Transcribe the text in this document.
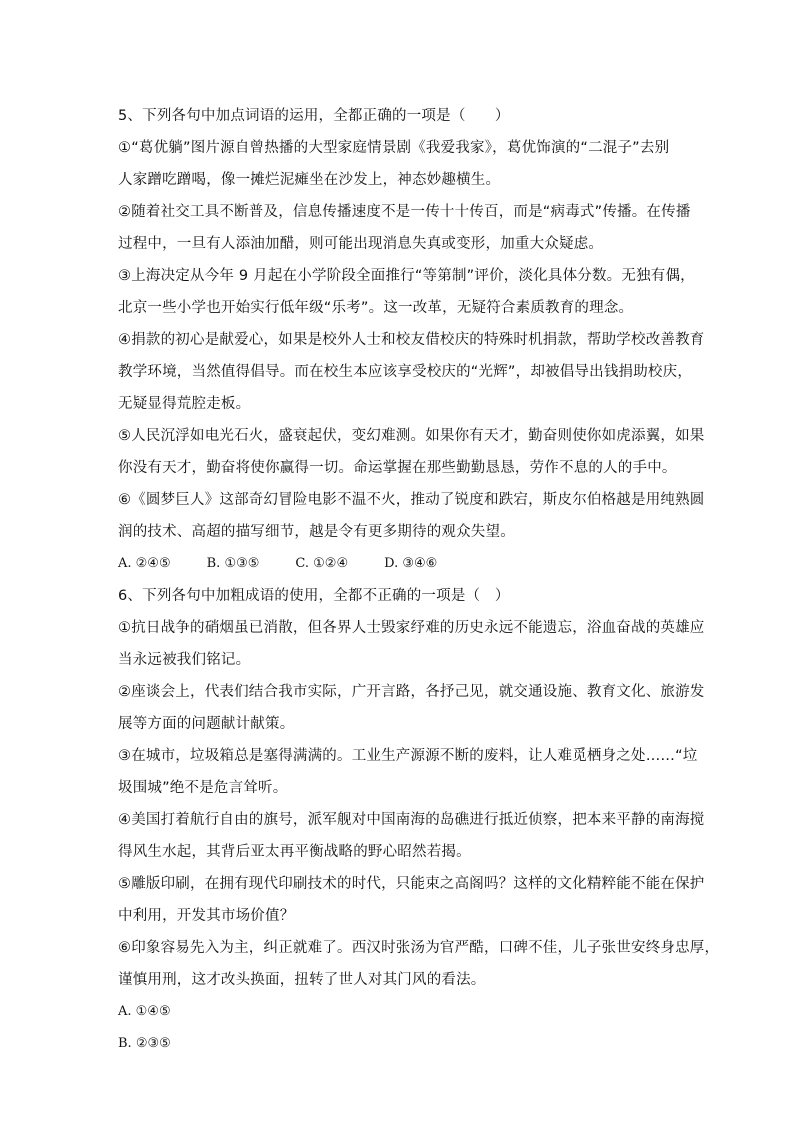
5、下列各句中加点词语的运用，全都正确的一项是（　　）
①“葛优躺”图片源自曾热播的大型家庭情景剧《我爱我家》，葛优饰演的“二混子”去别
人家蹭吃蹭喝，像一摊烂泥瘫坐在沙发上，神态妙趣横生。
②随着社交工具不断普及，信息传播速度不是一传十十传百，而是“病毒式”传播。在传播
过程中，一旦有人添油加醋，则可能出现消息失真或变形，加重大众疑虑。
③上海决定从今年 9 月起在小学阶段全面推行“等第制”评价，淡化具体分数。无独有偶，
北京一些小学也开始实行低年级“乐考”。这一改革，无疑符合素质教育的理念。
④捐款的初心是献爱心，如果是校外人士和校友借校庆的特殊时机捐款，帮助学校改善教育
教学环境，当然值得倡导。而在校生本应该享受校庆的“光辉”，却被倡导出钱捐助校庆，
无疑显得荒腔走板。
⑤人民沉浮如电光石火，盛衰起伏，变幻难测。如果你有天才，勤奋则使你如虎添翼，如果
你没有天才，勤奋将使你赢得一切。命运掌握在那些勤勤恳恳，劳作不息的人的手中。
⑥《圆梦巨人》这部奇幻冒险电影不温不火，推动了锐度和跌宕，斯皮尔伯格越是用纯熟圆
润的技术、高超的描写细节，越是令有更多期待的观众失望。
A. ②④⑤	B. ①③⑤	C. ①②④	D. ③④⑥
6、下列各句中加粗成语的使用，全都不正确的一项是（　）
①抗日战争的硝烟虽已消散，但各界人士毁家纾难的历史永远不能遗忘，浴血奋战的英雄应
当永远被我们铭记。
②座谈会上，代表们结合我市实际，广开言路，各抒己见，就交通设施、教育文化、旅游发
展等方面的问题献计献策。
③在城市，垃圾箱总是塞得满满的。工业生产源源不断的废料，让人难觅栖身之处……“垃
圾围城”绝不是危言耸听。
④美国打着航行自由的旗号，派军舰对中国南海的岛礁进行抵近侦察，把本来平静的南海搅
得风生水起，其背后亚太再平衡战略的野心昭然若揭。
⑤雕版印刷，在拥有现代印刷技术的时代，只能束之高阁吗？这样的文化精粹能不能在保护
中利用，开发其市场价值？
⑥印象容易先入为主，纠正就难了。西汉时张汤为官严酷，口碑不佳，儿子张世安终身忠厚，
谨慎用刑，这才改头换面，扭转了世人对其门风的看法。
A. ①④⑤
B. ②③⑤
